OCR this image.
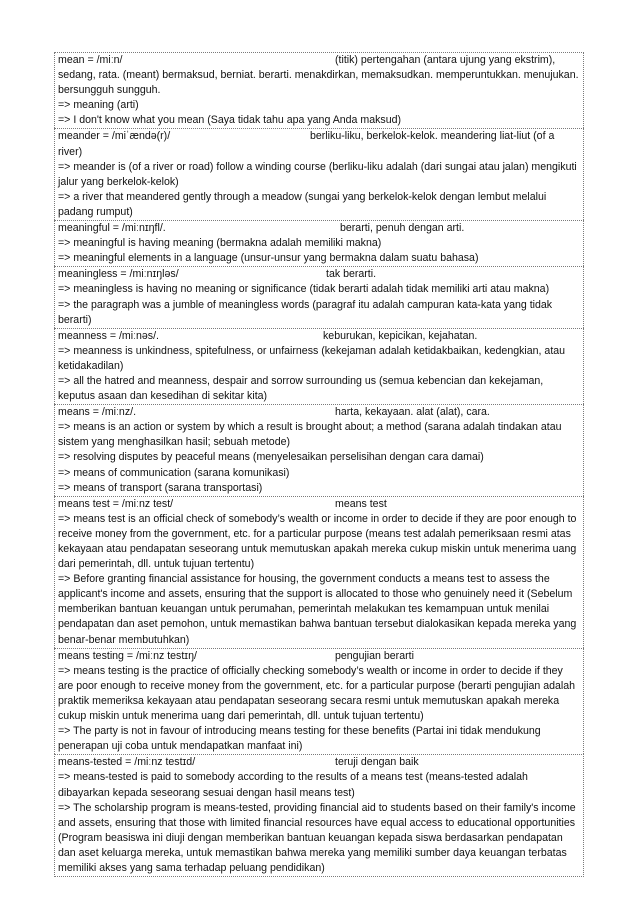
mean = /miːn/	(titik) pertengahan (antara ujung yang ekstrim),
sedang, rata. (meant) bermaksud, berniat. berarti. menakdirkan, memaksudkan. memperuntukkan. menujukan. bersungguh sungguh.
=> meaning (arti)
=> I don't know what you mean (Saya tidak tahu apa yang Anda maksud)
meander = /miˈændə(r)/	berliku-liku, berkelok-kelok. meandering liat-liut (of a
river)
=> meander is (of a river or road) follow a winding course (berliku-liku adalah (dari sungai atau jalan) mengikuti jalur yang berkelok-kelok)
=> a river that meandered gently through a meadow (sungai yang berkelok-kelok dengan lembut melalui padang rumput)
meaningful = /miːnɪŋfl/.	berarti, penuh dengan arti.
=> meaningful is having meaning (bermakna adalah memiliki makna)
=> meaningful elements in a language (unsur-unsur yang bermakna dalam suatu bahasa)
meaningless = /miːnɪŋləs/	tak berarti.
=> meaningless is having no meaning or significance (tidak berarti adalah tidak memiliki arti atau makna)
=> the paragraph was a jumble of meaningless words (paragraf itu adalah campuran kata-kata yang tidak berarti)
meanness = /miːnəs/.	keburukan, kepicikan, kejahatan.
=> meanness is unkindness, spitefulness, or unfairness (kekejaman adalah ketidakbaikan, kedengkian, atau ketidakadilan)
=> all the hatred and meanness, despair and sorrow surrounding us (semua kebencian dan kekejaman, keputus asaan dan kesedihan di sekitar kita)
means = /miːnz/.	harta, kekayaan. alat (alat), cara.
=> means is an action or system by which a result is brought about; a method (sarana adalah tindakan atau sistem yang menghasilkan hasil; sebuah metode)
=> resolving disputes by peaceful means (menyelesaikan perselisihan dengan cara damai)
=> means of communication (sarana komunikasi)
=> means of transport (sarana transportasi)
means test = /miːnz test/	means test
=> means test is an official check of somebody’s wealth or income in order to decide if they are poor enough to receive money from the government, etc. for a particular purpose (means test adalah pemeriksaan resmi atas kekayaan atau pendapatan seseorang untuk memutuskan apakah mereka cukup miskin untuk menerima uang dari pemerintah, dll. untuk tujuan tertentu)
=> Before granting financial assistance for housing, the government conducts a means test to assess the applicant's income and assets, ensuring that the support is allocated to those who genuinely need it (Sebelum memberikan bantuan keuangan untuk perumahan, pemerintah melakukan tes kemampuan untuk menilai pendapatan dan aset pemohon, untuk memastikan bahwa bantuan tersebut dialokasikan kepada mereka yang benar-benar membutuhkan)
means testing = /miːnz testɪŋ/	pengujian berarti
=> means testing is the practice of officially checking somebody’s wealth or income in order to decide if they are poor enough to receive money from the government, etc. for a particular purpose (berarti pengujian adalah praktik memeriksa kekayaan atau pendapatan seseorang secara resmi untuk memutuskan apakah mereka cukup miskin untuk menerima uang dari pemerintah, dll. untuk tujuan tertentu)
=> The party is not in favour of introducing means testing for these benefits (Partai ini tidak mendukung penerapan uji coba untuk mendapatkan manfaat ini)
means-tested = /miːnz testɪd/	teruji dengan baik
=> means-tested is paid to somebody according to the results of a means test (means-tested adalah dibayarkan kepada seseorang sesuai dengan hasil means test)
=> The scholarship program is means-tested, providing financial aid to students based on their family's income and assets, ensuring that those with limited financial resources have equal access to educational opportunities (Program beasiswa ini diuji dengan memberikan bantuan keuangan kepada siswa berdasarkan pendapatan dan aset keluarga mereka, untuk memastikan bahwa mereka yang memiliki sumber daya keuangan terbatas memiliki akses yang sama terhadap peluang pendidikan)
